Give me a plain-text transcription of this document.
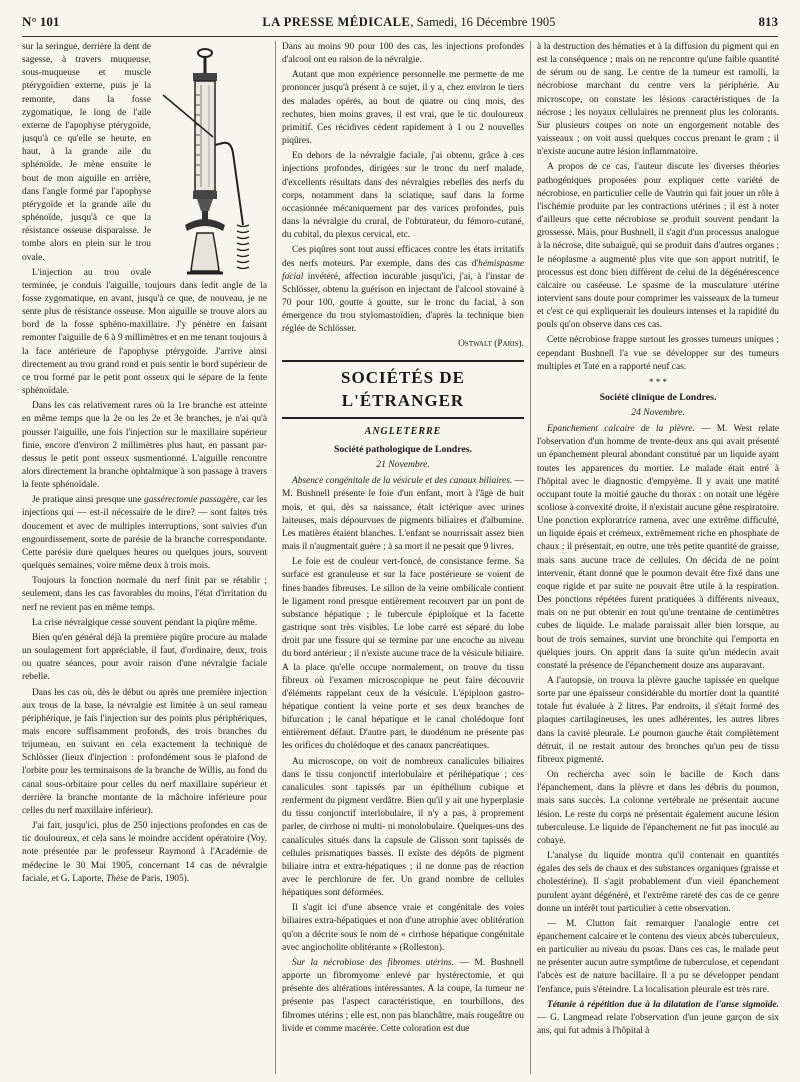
N° 101	LA PRESSE MÉDICALE, Samedi, 16 Décembre 1905	813

sur la seringue, derrière la dent de sagesse, à travers muqueuse, sous-muqueuse et muscle ptérygoïdien externe, puis je la remonte, dans la fosse zygomatique, le long de l'aile externe de l'apophyse ptérygoïde, jusqu'à ce qu'elle se heurte, en haut, à la grande aile du sphénoïde. Je mène ensuite le bout de mon aiguille en arrière, dans l'angle formé par l'apophyse ptérygoïde et la grande aile du sphénoïde, jusqu'à ce que la résistance osseuse disparaisse. Je tombe alors en plein sur le trou ovale.

L'injection au trou ovale terminée, je conduis l'aiguille, toujours dans ledit angle de la fosse zygomatique, en avant, jusqu'à ce que, de nouveau, je ne sente plus de résistance osseuse. Mon aiguille se trouve alors au bord de la fosse sphéno-maxillaire. J'y pénètre en faisant remonter l'aiguille de 6 à 9 millimètres et en me tenant toujours à la face antérieure de l'apophyse ptérygoïde. J'arrive ainsi directement au trou grand rond et puis sentir le bord supérieur de ce trou formé par le petit pont osseux qui le sépare de la fente sphénoïdale.

Dans les cas relativement rares où la 1re branche est atteinte en même temps que la 2e ou les 2e et 3e branches, je n'ai qu'à pousser l'aiguille, une fois l'injection sur le maxillaire supérieur finie, encore d'environ 2 millimètres plus haut, en passant par-dessus le petit pont osseux susmentionné. L'aiguille rencontre alors directement la branche ophtalmique à son passage à travers la fente sphénoïdale.

Je pratique ainsi presque une gassérectomie passagère, car les injections qui — est-il nécessaire de le dire? — sont faites très doucement et avec de multiples interruptions, sont suivies d'un engourdissement, sorte de parésie de la branche correspondante. Cette parésie dure quelques heures ou quelques jours, souvent quelques semaines, voire même deux à trois mois.

Toujours la fonction normale du nerf finit par se rétablir ; seulement, dans les cas favorables du moins, l'état d'irritation du nerf ne revient pas en même temps.

La crise névralgique cesse souvent pendant la piqûre même.

Bien qu'en général déjà la première piqûre procure au malade un soulagement fort appréciable, il faut, d'ordinaire, deux, trois ou quatre séances, pour avoir raison d'une névralgie faciale rebelle.

Dans les cas où, dès le début ou après une première injection aux trous de la base, la névralgie est limitée à un seul rameau périphérique, je fais l'injection sur des points plus périphériques, mais encore suffisamment profonds, des trois branches du trijumeau, en suivant en cela exactement la technique de Schlösser (lieux d'injection : profondément sous le plafond de l'orbite pour les terminaisons de la branche de Willis, au fond du canal sous-orbitaire pour celles du nerf maxillaire supérieur et derrière la branche montante de la mâchoire inférieure pour celles du nerf maxillaire inférieur).

J'ai fait, jusqu'ici, plus de 250 injections profondes en cas de tic douloureux, et cela sans le moindre accident opératoire (Voy. note présentée par le professeur Raymond à l'Académie de médecine le 30 Mai 1905, concernant 14 cas de névralgie faciale, et G. Laporte, Thèse de Paris, 1905).

Dans au moins 90 pour 100 des cas, les injections profondes d'alcool ont eu raison de la névralgie.

Autant que mon expérience personnelle me permette de me prononcer jusqu'à présent à ce sujet, il y a, chez environ le tiers des malades opérés, au bout de quatre ou cinq mois, des rechutes, bien moins graves, il est vrai, que le tic douloureux primitif. Ces récidives cèdent rapidement à 1 ou 2 nouvelles piqûres.

En dehors de la névralgie faciale, j'ai obtenu, grâce à ces injections profondes, dirigées sur le tronc du nerf malade, d'excellents résultats dans des névralgies rebelles des nerfs du corps, notamment dans la sciatique, sauf dans la forme occasionnée mécaniquement par des varices profondes, puis dans la névralgie du crural, de l'obturateur, du fémoro-cutané, du cubital, du plexus cervical, etc.

Ces piqûres sont tout aussi efficaces contre les états irritatifs des nerfs moteurs. Par exemple, dans des cas d'hémispasme facial invétéré, affection incurable jusqu'ici, j'ai, à l'instar de Schlösser, obtenu la guérison en injectant de l'alcool stovainé à 70 pour 100, goutte à goutte, sur le tronc du facial, à son émergence du trou stylomastoïdien, d'après la technique bien réglée de Schlösser.

Ostwalt (Paris).
SOCIÉTÉS DE L'ÉTRANGER
ANGLETERRE
Société pathologique de Londres.
21 Novembre.

Absence congénitale de la vésicule et des canaux biliaires. — M. Bushnell présente le foie d'un enfant, mort à l'âge de huit mois, et qui, dès sa naissance, était ictérique avec urines laiteuses, mais dépourvues de pigments biliaires et d'albumine. Les matières étaient blanches. L'enfant se nourrissait assez bien mais il n'augmentait guère ; à sa mort il ne pesait que 9 livres.

Le foie est de couleur vert-foncé, de consistance ferme. Sa surface est granuleuse et sur la face postérieure se voient de fines bandes fibreuses. Le sillon de la veine ombilicale contient le ligament rond presque entièrement recouvert par un pont de substance hépatique ; le tubercule épiploïque et la facette gastrique sont très visibles. Le lobe carré est séparé du lobe droit par une fissure qui se termine par une encoche au niveau du bord antérieur ; il n'existe aucune trace de la vésicule biliaire. A la place qu'elle occupe normalement, on trouve du tissu fibreux où l'examen microscopique ne peut faire découvrir d'éléments rappelant ceux de la vésicule. L'épiploon gastro-hépatique contient la veine porte et ses deux branches de bifurcation ; le canal hépatique et le canal cholédoque font entièrement défaut. D'autre part, le duodénum ne présente pas les orifices du cholédoque et des canaux pancréatiques.

Au microscope, on voit de nombreux canalicules biliaires dans le tissu conjonctif interlobulaire et périhépatique ; ces canalicules sont tapissés par un épithélium cubique et renferment du pigment verdâtre. Bien qu'il y ait une hyperplasie du tissu conjonctif interlobulaire, il n'y a pas, à proprement parler, de cirrhose ni multi- ni monolobulaire. Quelques-uns des canalicules situés dans la capsule de Glisson sont tapissés de cellules prismatiques basses. Il existe des dépôts de pigment biliaire intra et extra-hépatiques ; il ne donne pas de réaction avec le perchlorure de fer. Un grand nombre de cellules hépatiques sont déformées.

Il s'agit ici d'une absence vraie et congénitale des voies biliaires extra-hépatiques et non d'une atrophie avec oblitération qu'on a décrite sous le nom de « cirrhose hépatique congénitale avec angiocholite oblitérante » (Rolleston).

Sur la nécrobiose des fibromes utérins. — M. Bushnell apporte un fibromyome enlevé par hystérectomie, et qui présente des altérations intéressantes. A la coupe, la tumeur ne présente pas l'aspect caractéristique, en tourbillons, des fibromes utérins ; elle est, non pas blanchâtre, mais rougeâtre ou livide et comme macérée. Cette coloration est due

à la destruction des hématies et à la diffusion du pigment qui en est la conséquence ; mais on ne rencontre qu'une faible quantité de sérum ou de sang. Le centre de la tumeur est ramolli, la nécrobiose marchant du centre vers la périphérie. Au microscope, on constate les lésions caractéristiques de la nécrose ; les noyaux cellulaires ne prennent plus les colorants. Sur plusieurs coupes on note un engorgement notable des vaisseaux ; on voit aussi quelques coccus prenant le gram ; il n'existe aucune autre lésion inflammatoire.

A propos de ce cas, l'auteur discute les diverses théories pathogéniques proposées pour expliquer cette variété de nécrobiose, en particulier celle de Vautrin qui fait jouer un rôle à l'ischémie produite par les contractions utérines ; il est à noter d'ailleurs que cette nécrobiose se produit souvent pendant la grossesse. Mais, pour Bushnell, il s'agit d'un processus analogue à la nécrose, dite subaiguë, qui se produit dans d'autres organes ; le néoplasme a augmenté plus vite que son apport nutritif, le processus est donc bien différent de celui de la dégénérescence calcaire ou caséeuse. Le spasme de la musculature utérine intervient sans doute pour comprimer les vaisseaux de la tumeur et c'est ce qui expliquerait les douleurs intenses et la rapidité du pouls qu'on observe dans ces cas.

Cette nécrobiose frappe surtout les grosses tumeurs uniques ; cependant Bushnell l'a vue se développer sur des tumeurs multiples et Tate en a rapporté neuf cas.

* * *
Société clinique de Londres.
24 Novembre.

Epanchement calcaire de la plèvre. — M. West relate l'observation d'un homme de trente-deux ans qui avait présenté un épanchement pleural abondant constitué par un liquide ayant toutes les apparences du mortier. Le malade était entré à l'hôpital avec le diagnostic d'empyème. Il y avait une matité occupant toute la moitié gauche du thorax : on notait une légère scoliose à convexité droite, il n'existait aucune gêne respiratoire. Une ponction exploratrice ramena, avec une extrême difficulté, un liquide épais et crémeux, extrêmement riche en phosphate de chaux : il présentait, en outre, une très petite quantité de graisse, mais sans aucune trace de cellules. On décida de ne point intervenir, étant donné que le poumon devait être fixé dans une coque rigide et par suite ne pouvait être utile à la respiration. Des ponctions répétées furent pratiquées à différents niveaux, mais on ne put obtenir en tout qu'une trentaine de centimètres cubes de liquide. Le malade paraissait aller bien lorsque, au bout de trois semaines, survint une bronchite qui l'emporta en quelques jours. On apprit dans la suite qu'un médecin avait constaté la présence de l'épanchement douze ans auparavant.

A l'autopsie, on trouva la plèvre gauche tapissée en quelque sorte par une épaisseur considérable du mortier dont la quantité totale fut évaluée à 2 litres. Par endroits, il s'était formé des plaques cartilagineuses, les unes adhérentes, les autres libres dans la cavité pleurale. Le poumon gauche était complètement détruit, il ne restait autour des bronches qu'un peu de tissu fibreux pigmenté.

On rechercha avec soin le bacille de Koch dans l'épanchement, dans la plèvre et dans les débris du poumon, mais sans succès. La colonne vertébrale ne présentait aucune lésion. Le reste du corps ne présentait également aucune lésion tuberculeuse. Le liquide de l'épanchement ne fut pas inoculé au cobaye.

L'analyse du liquide montra qu'il contenait en quantités égales des sels de chaux et des substances organiques (graisse et cholestérine). Il s'agit probablement d'un vieil épanchement purulent ayant dégénéré, et l'extrême rareté des cas de ce genre donne un intérêt tout particulier à cette observation.

— M. Clutton fait remarquer l'analogie entre cet épanchement calcaire et le contenu des vieux abcès tuberculeux, en particulier au niveau du psoas. Dans ces cas, le malade peut ne présenter aucun autre symptôme de tuberculose, et cependant l'abcès est de nature bacillaire. Il a pu se développer pendant l'enfance, puis s'éteindre. La localisation pleurale est très rare.

Tétanie à répétition due à la dilatation de l'anse sigmoïde. — G. Langmead relate l'observation d'un jeune garçon de six ans, qui fut admis à l'hôpital à
